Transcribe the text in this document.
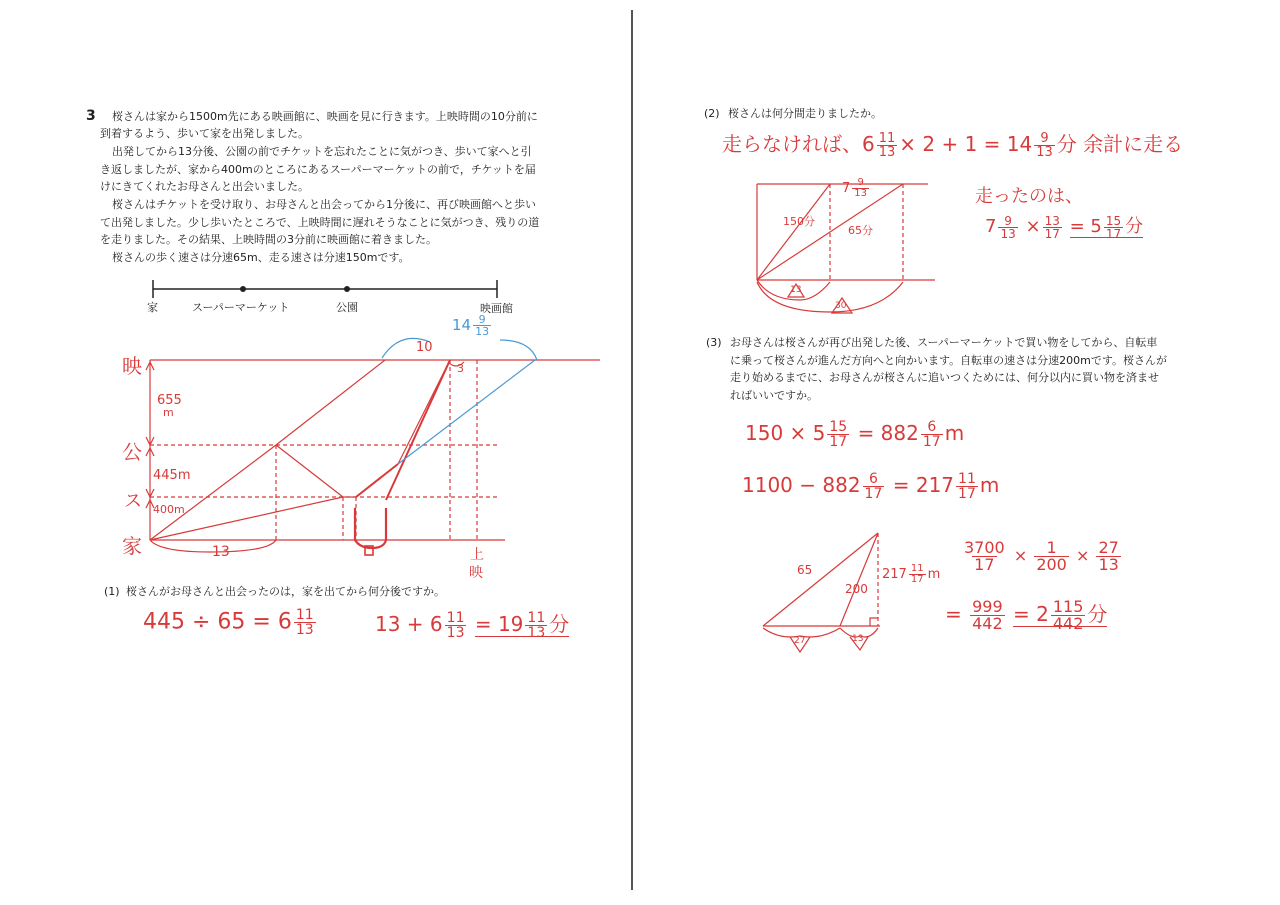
3 桜さんは家から1500m先にある映画館に、映画を見に行きます。上映時間の10分前に
到着するよう、歩いて家を出発しました。
出発してから13分後、公園の前でチケットを忘れたことに気がつき、歩いて家へと引
き返しましたが、家から400mのところにあるスーパーマーケットの前で，チケットを届
けにきてくれたお母さんと出会いました。
桜さんはチケットを受け取り、お母さんと出会ってから1分後に、再び映画館へと歩い
て出発しました。少し歩いたところで、上映時間に遅れそうなことに気がつき、残りの道
を走りました。その結果、上映時間の3分前に映画館に着きました。
桜さんの歩く速さは分速65m、走る速さは分速150mです。
家	スーパーマーケット	公園	映画館
映
公
ス
家
655
m
445m
400m
13
10
3
上
映
$14 \frac{9}{13}$
(1) 桜さんがお母さんと出会ったのは，家を出てから何分後ですか。
$445 \div 65 = 6 \frac{11}{13}$	$13 + 6 \frac{11}{13} = 19 \frac{11}{13}$ 分
(2) 桜さんは何分間走りましたか。
走らなければ、$6 \frac{11}{13} \times 2 + 1 = 14 \frac{9}{13}$ 分 余計に走る
$7 \frac{9}{13}$
150分
65分
13
30
走ったのは、
$7 \frac{9}{13} \times \frac{13}{17} = 5 \frac{15}{17}$ 分
(3) お母さんは桜さんが再び出発した後、スーパーマーケットで買い物をしてから、自転車
に乗って桜さんが進んだ方向へと向かいます。自転車の速さは分速200mです。桜さんが
走り始めるまでに、お母さんが桜さんに追いつくためには、何分以内に買い物を済ませ
ればいいですか。
$150 \times 5 \frac{15}{17} = 882 \frac{6}{17}$ m
$1100 - 882 \frac{6}{17} = 217 \frac{11}{17}$ m
65
200
$217 \frac{11}{17}$ m
27	13
$\frac{3700}{17} \times \frac{1}{200} \times \frac{27}{13}$
= $\frac{999}{442} = 2 \frac{115}{442}$ 分
